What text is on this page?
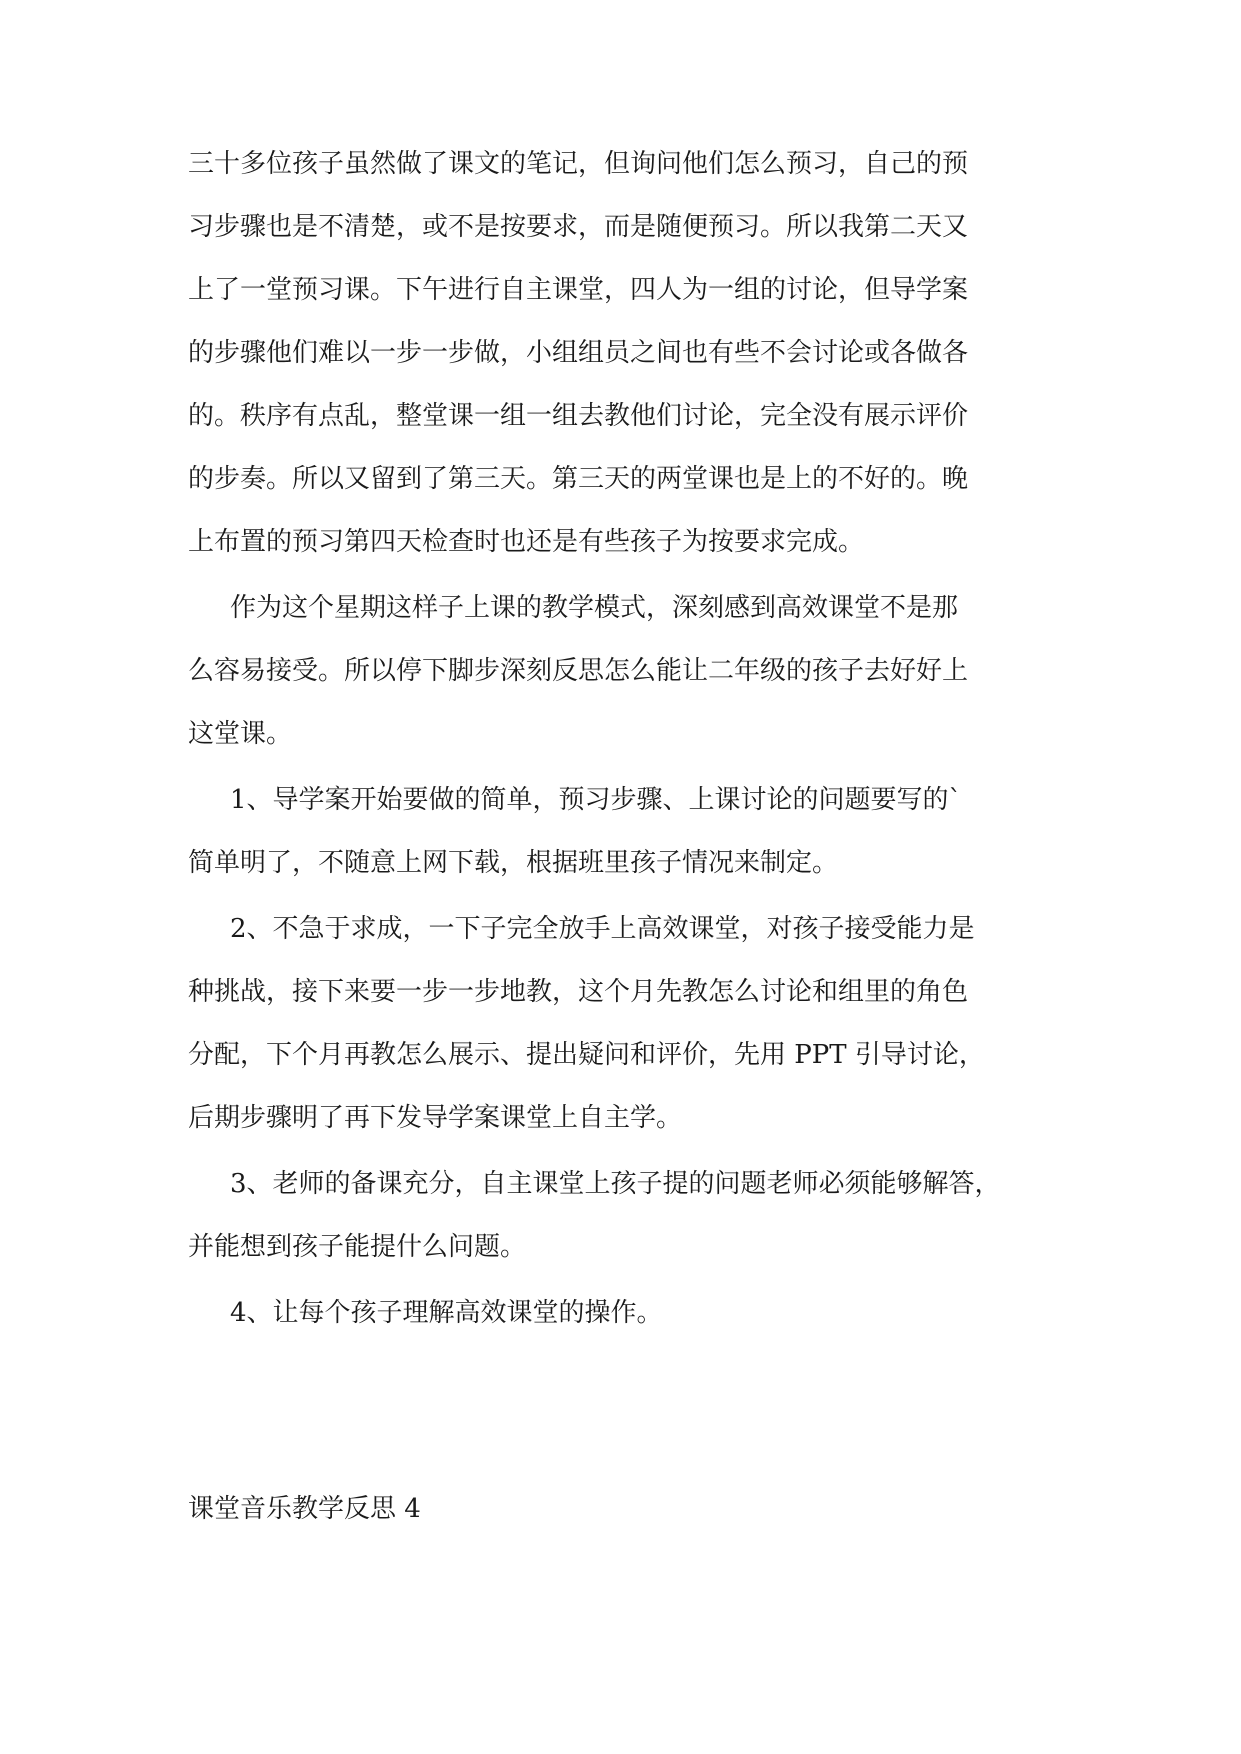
三十多位孩子虽然做了课文的笔记，但询问他们怎么预习，自己的预
习步骤也是不清楚，或不是按要求，而是随便预习。所以我第二天又
上了一堂预习课。下午进行自主课堂，四人为一组的讨论，但导学案
的步骤他们难以一步一步做，小组组员之间也有些不会讨论或各做各
的。秩序有点乱，整堂课一组一组去教他们讨论，完全没有展示评价
的步奏。所以又留到了第三天。第三天的两堂课也是上的不好的。晚
上布置的预习第四天检查时也还是有些孩子为按要求完成。
作为这个星期这样子上课的教学模式，深刻感到高效课堂不是那
么容易接受。所以停下脚步深刻反思怎么能让二年级的孩子去好好上
这堂课。
1、导学案开始要做的简单，预习步骤、上课讨论的问题要写的`
简单明了，不随意上网下载，根据班里孩子情况来制定。
2、不急于求成，一下子完全放手上高效课堂，对孩子接受能力是
种挑战，接下来要一步一步地教，这个月先教怎么讨论和组里的角色
分配，下个月再教怎么展示、提出疑问和评价，先用 PPT 引导讨论，
后期步骤明了再下发导学案课堂上自主学。
3、老师的备课充分，自主课堂上孩子提的问题老师必须能够解答，
并能想到孩子能提什么问题。
4、让每个孩子理解高效课堂的操作。
课堂音乐教学反思 4
